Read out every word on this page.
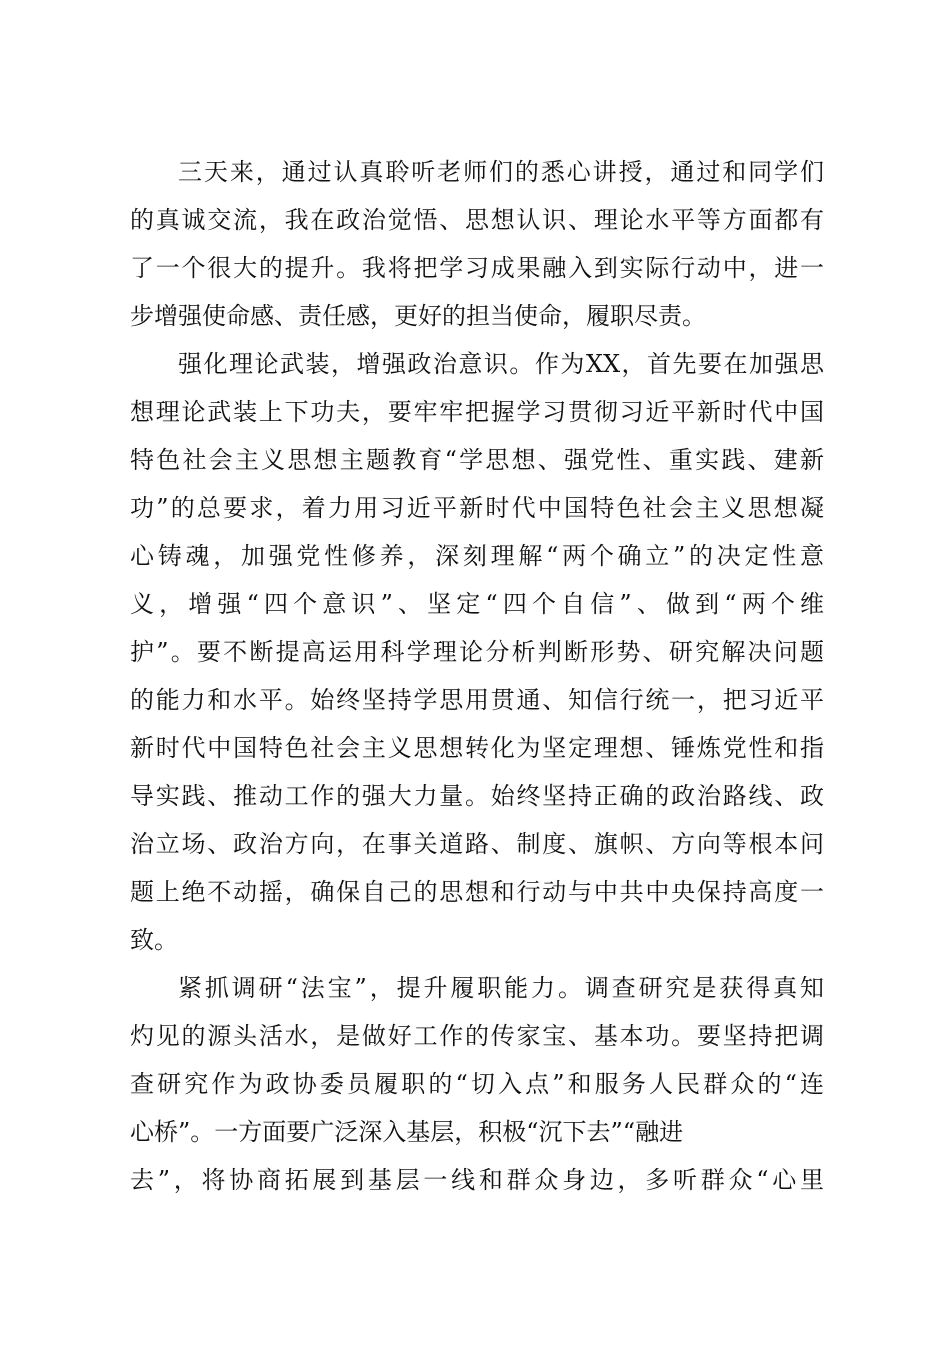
三天来，通过认真聆听老师们的悉心讲授，通过和同学们
的真诚交流，我在政治觉悟、思想认识、理论水平等方面都有
了一个很大的提升。我将把学习成果融入到实际行动中，进一
步增强使命感、责任感，更好的担当使命，履职尽责。
强化理论武装，增强政治意识。作为XX，首先要在加强思
想理论武装上下功夫，要牢牢把握学习贯彻习近平新时代中国
特色社会主义思想主题教育“学思想、强党性、重实践、建新
功”的总要求，着力用习近平新时代中国特色社会主义思想凝
心铸魂，加强党性修养，深刻理解“两个确立”的决定性意
义，增强“四个意识”、坚定“四个自信”、做到“两个维
护”。要不断提高运用科学理论分析判断形势、研究解决问题
的能力和水平。始终坚持学思用贯通、知信行统一，把习近平
新时代中国特色社会主义思想转化为坚定理想、锤炼党性和指
导实践、推动工作的强大力量。始终坚持正确的政治路线、政
治立场、政治方向，在事关道路、制度、旗帜、方向等根本问
题上绝不动摇，确保自己的思想和行动与中共中央保持高度一
致。
紧抓调研“法宝”，提升履职能力。调查研究是获得真知
灼见的源头活水，是做好工作的传家宝、基本功。要坚持把调
查研究作为政协委员履职的“切入点”和服务人民群众的“连
心桥”。一方面要广泛深入基层，积极“沉下去”“融进
去”，将协商拓展到基层一线和群众身边，多听群众“心里
